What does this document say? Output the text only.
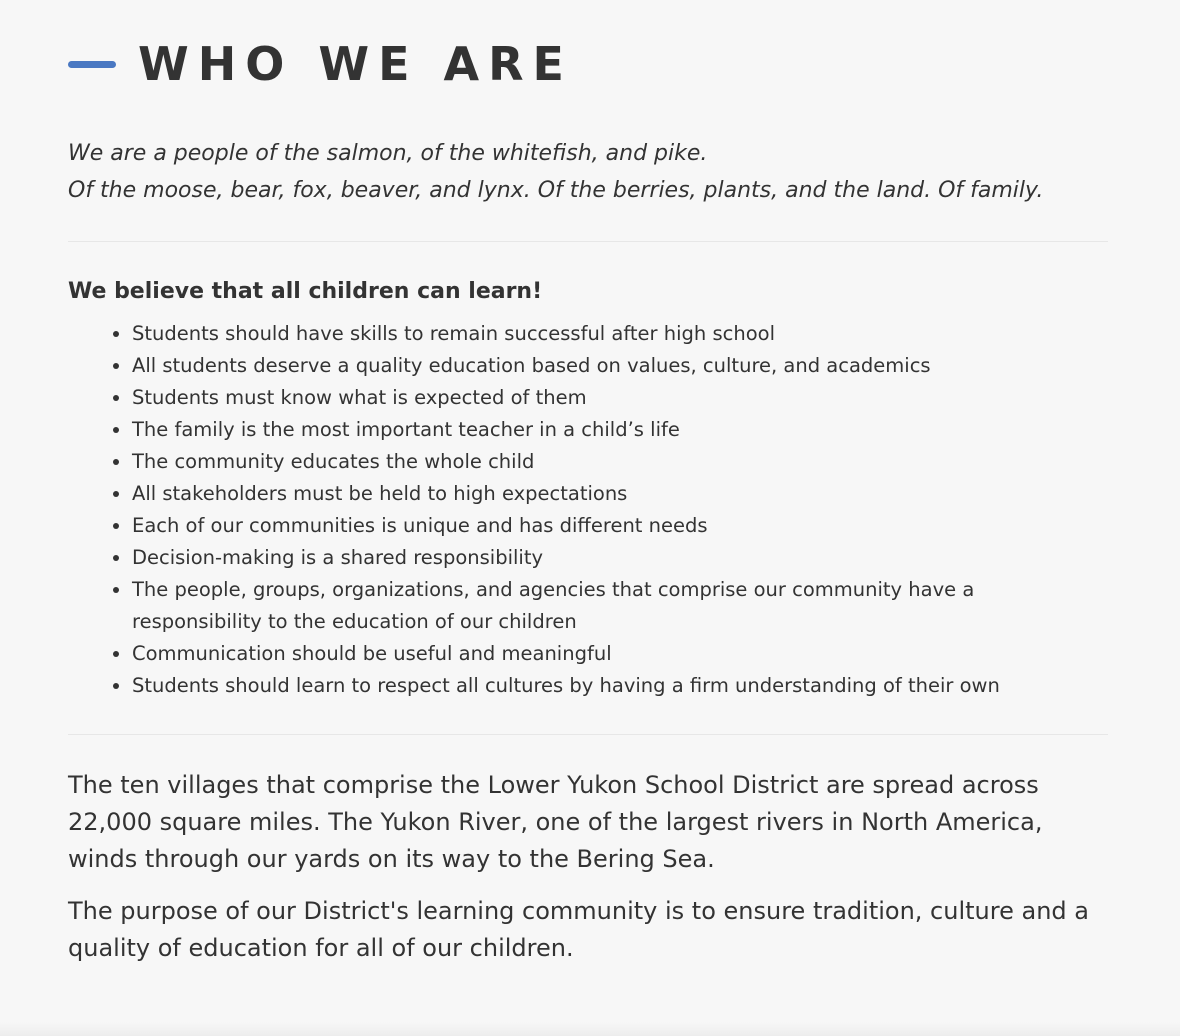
WHO WE ARE
We are a people of the salmon, of the whitefish, and pike.
Of the moose, bear, fox, beaver, and lynx. Of the berries, plants, and the land. Of family.
We believe that all children can learn!
• Students should have skills to remain successful after high school
• All students deserve a quality education based on values, culture, and academics
• Students must know what is expected of them
• The family is the most important teacher in a child’s life
• The community educates the whole child
• All stakeholders must be held to high expectations
• Each of our communities is unique and has different needs
• Decision-making is a shared responsibility
• The people, groups, organizations, and agencies that comprise our community have a responsibility to the education of our children
• Communication should be useful and meaningful
• Students should learn to respect all cultures by having a firm understanding of their own

The ten villages that comprise the Lower Yukon School District are spread across 22,000 square miles. The Yukon River, one of the largest rivers in North America, winds through our yards on its way to the Bering Sea.

The purpose of our District's learning community is to ensure tradition, culture and a quality of education for all of our children.
